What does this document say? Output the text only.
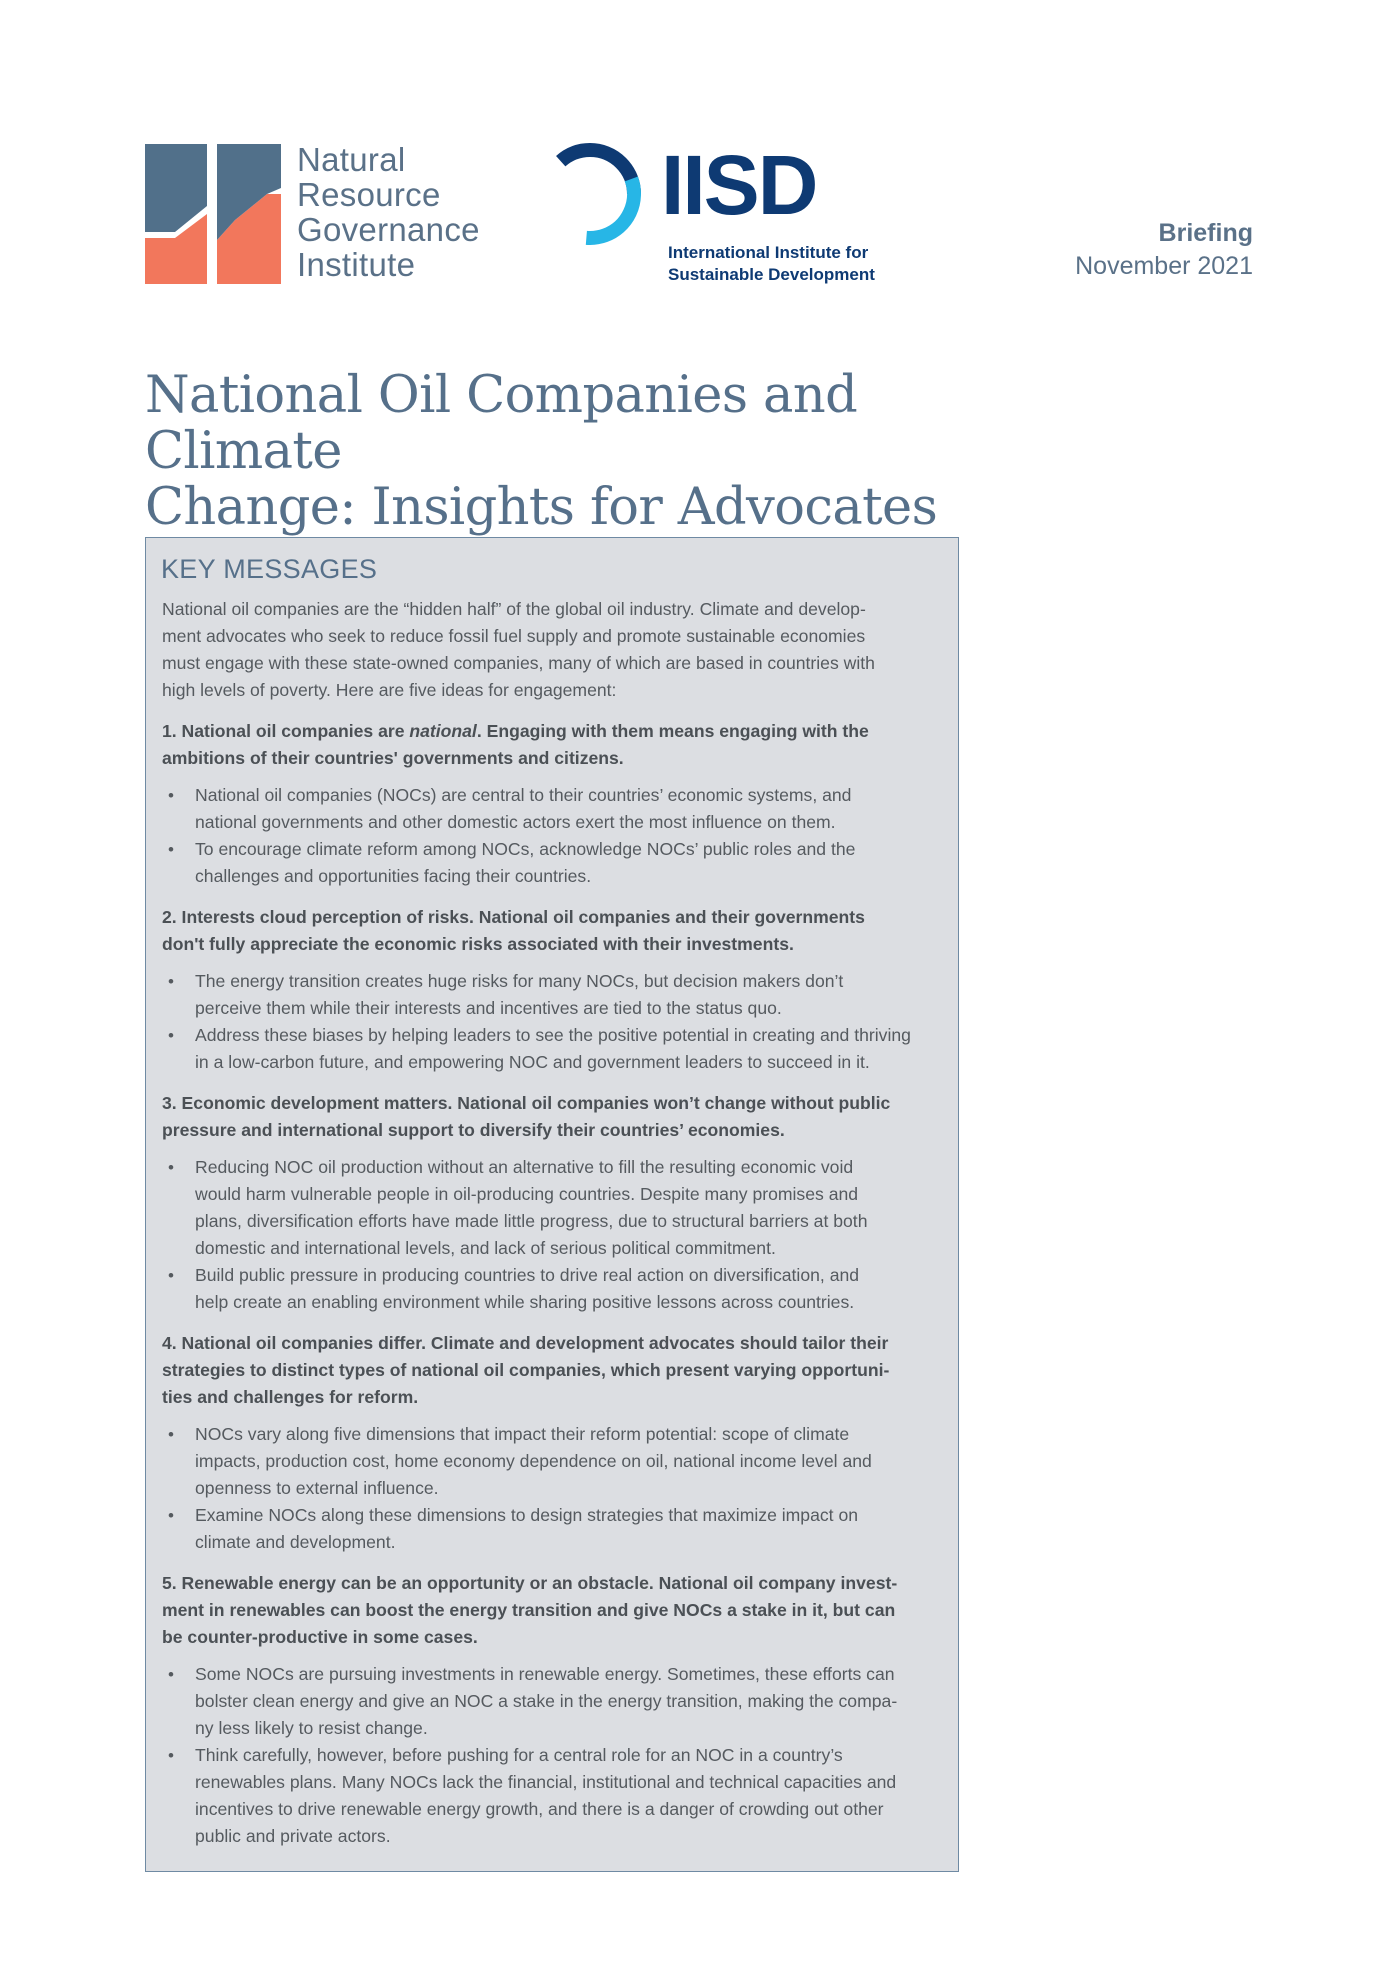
Natural
Resource
Governance
Institute
IISD
International Institute for
Sustainable Development
Briefing
November 2021
National Oil Companies and Climate
Change: Insights for Advocates
KEY MESSAGES
National oil companies are the “hidden half” of the global oil industry. Climate and develop-
ment advocates who seek to reduce fossil fuel supply and promote sustainable economies
must engage with these state-owned companies, many of which are based in countries with
high levels of poverty. Here are five ideas for engagement:
1. National oil companies are national. Engaging with them means engaging with the
ambitions of their countries' governments and citizens.
• National oil companies (NOCs) are central to their countries’ economic systems, and
national governments and other domestic actors exert the most influence on them.
• To encourage climate reform among NOCs, acknowledge NOCs’ public roles and the
challenges and opportunities facing their countries.
2. Interests cloud perception of risks. National oil companies and their governments
don't fully appreciate the economic risks associated with their investments.
• The energy transition creates huge risks for many NOCs, but decision makers don’t
perceive them while their interests and incentives are tied to the status quo.
• Address these biases by helping leaders to see the positive potential in creating and thriving
in a low-carbon future, and empowering NOC and government leaders to succeed in it.
3. Economic development matters. National oil companies won’t change without public
pressure and international support to diversify their countries’ economies.
• Reducing NOC oil production without an alternative to fill the resulting economic void
would harm vulnerable people in oil-producing countries. Despite many promises and
plans, diversification efforts have made little progress, due to structural barriers at both
domestic and international levels, and lack of serious political commitment.
• Build public pressure in producing countries to drive real action on diversification, and
help create an enabling environment while sharing positive lessons across countries.
4. National oil companies differ. Climate and development advocates should tailor their
strategies to distinct types of national oil companies, which present varying opportuni-
ties and challenges for reform.
• NOCs vary along five dimensions that impact their reform potential: scope of climate
impacts, production cost, home economy dependence on oil, national income level and
openness to external influence.
• Examine NOCs along these dimensions to design strategies that maximize impact on
climate and development.
5. Renewable energy can be an opportunity or an obstacle. National oil company invest-
ment in renewables can boost the energy transition and give NOCs a stake in it, but can
be counter-productive in some cases.
• Some NOCs are pursuing investments in renewable energy. Sometimes, these efforts can
bolster clean energy and give an NOC a stake in the energy transition, making the compa-
ny less likely to resist change.
• Think carefully, however, before pushing for a central role for an NOC in a country’s
renewables plans. Many NOCs lack the financial, institutional and technical capacities and
incentives to drive renewable energy growth, and there is a danger of crowding out other
public and private actors.
